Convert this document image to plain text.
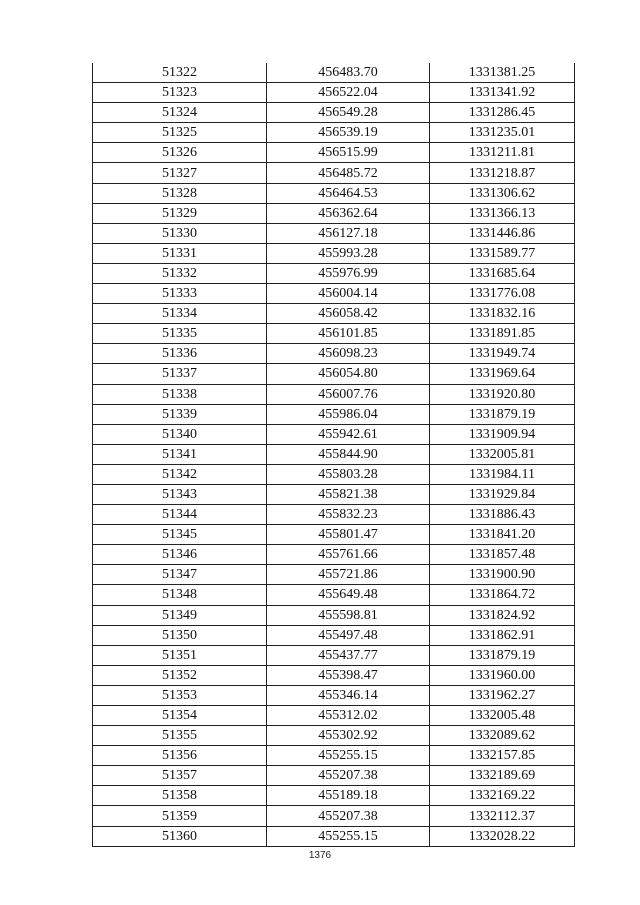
51322	456483.70	1331381.25
51323	456522.04	1331341.92
51324	456549.28	1331286.45
51325	456539.19	1331235.01
51326	456515.99	1331211.81
51327	456485.72	1331218.87
51328	456464.53	1331306.62
51329	456362.64	1331366.13
51330	456127.18	1331446.86
51331	455993.28	1331589.77
51332	455976.99	1331685.64
51333	456004.14	1331776.08
51334	456058.42	1331832.16
51335	456101.85	1331891.85
51336	456098.23	1331949.74
51337	456054.80	1331969.64
51338	456007.76	1331920.80
51339	455986.04	1331879.19
51340	455942.61	1331909.94
51341	455844.90	1332005.81
51342	455803.28	1331984.11
51343	455821.38	1331929.84
51344	455832.23	1331886.43
51345	455801.47	1331841.20
51346	455761.66	1331857.48
51347	455721.86	1331900.90
51348	455649.48	1331864.72
51349	455598.81	1331824.92
51350	455497.48	1331862.91
51351	455437.77	1331879.19
51352	455398.47	1331960.00
51353	455346.14	1331962.27
51354	455312.02	1332005.48
51355	455302.92	1332089.62
51356	455255.15	1332157.85
51357	455207.38	1332189.69
51358	455189.18	1332169.22
51359	455207.38	1332112.37
51360	455255.15	1332028.22
1376
